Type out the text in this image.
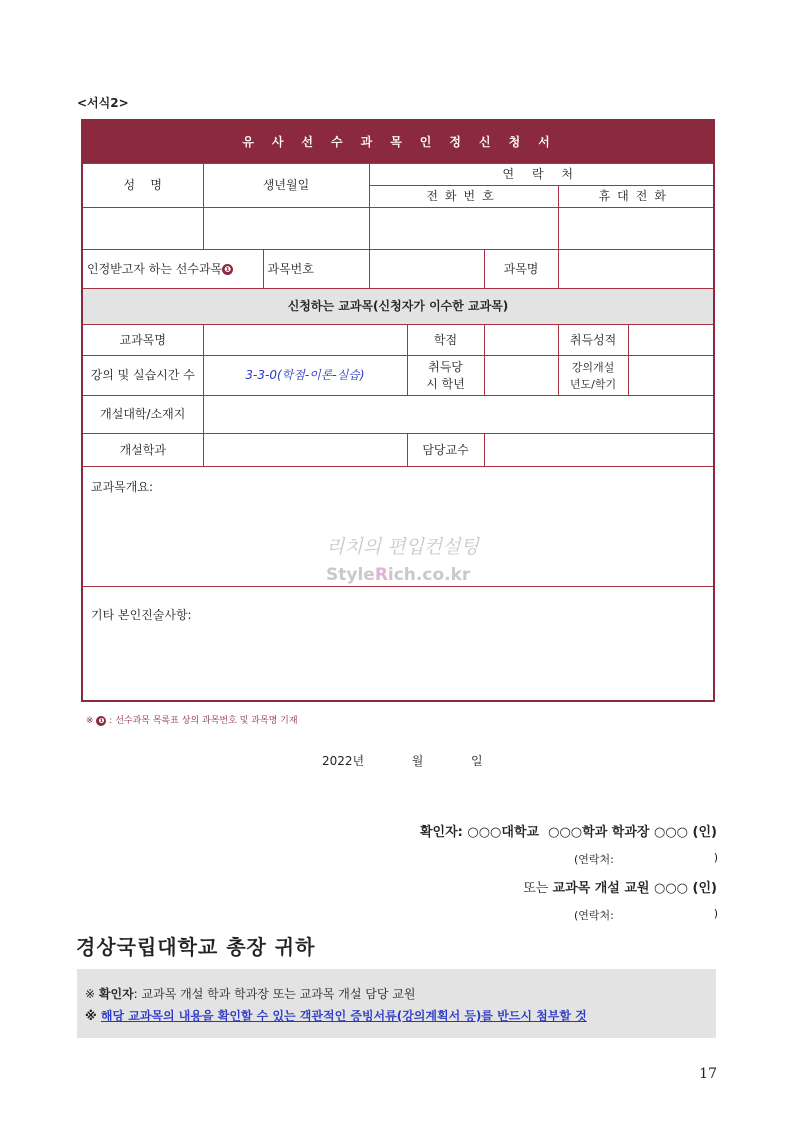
<서식2>
유사선수과목인정신청서							
성    명	생년월일		연 락 처				
			전화번호			휴대전화	

인정받고자 하는 선수과목 ❶		과목번호			과목명		
신청하는 교과목(신청자가 이수한 교과목)							
교과목명				학점		취득성적	
강의 및 실습시간 수	3-3-0(학점-이론-실습)			취득당시 학년		강의개설 년도/학기	
개설대학/소재지							
개설학과				담당교수			
교과목개요:							
기타 본인진술사항:							
리치의 편입컨설팅
StyleRich.co.kr
※ ❶ : 선수과목 목록표 상의 과목번호 및 과목명 기재
2022년	월	일
확인자: ○○○대학교  ○○○학과 학과장 ○○○ (인)
(연락처:	)
또는 교과목 개설 교원 ○○○ (인)
(연락처:	)
경상국립대학교 총장 귀하
※ 확인자: 교과목 개설 학과 학과장 또는 교과목 개설 담당 교원
※ 해당 교과목의 내용을 확인할 수 있는 객관적인 증빙서류(강의계획서 등)를 반드시 첨부할 것
17
